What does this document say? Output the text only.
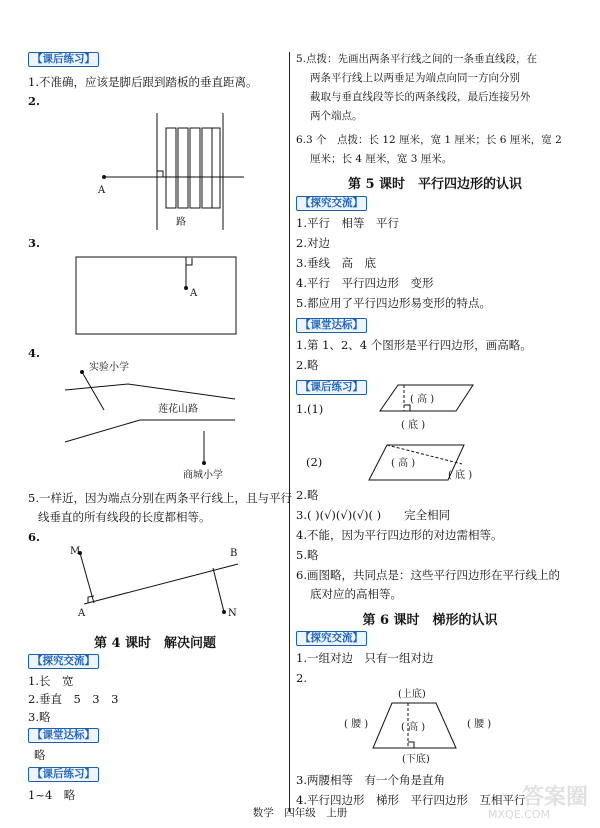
【课后练习】
1.不准确，应该是脚后跟到踏板的垂直距离。
2.
A
路
A
实验小学
莲花山路
商城小学
M	B
A	N
3.
4.
5.一样近，因为端点分别在两条平行线上，且与平行
线垂直的所有线段的长度都相等。
6.
第 4 课时　解决问题
【探究交流】
1.长　宽
2.垂直　5　3　3
3.略
【课堂达标】
略
【课后练习】
1~4　略
5.点拨：先画出两条平行线之间的一条垂直线段，在
两条平行线上以两垂足为端点向同一方向分别
截取与垂直线段等长的两条线段，最后连接另外
两个端点。
6.3 个　点拨：长 12 厘米，宽 1 厘米；长 6 厘米，宽 2
厘米；长 4 厘米，宽 3 厘米。
第 5 课时　平行四边形的认识
【探究交流】
1.平行　相等　平行
2.对边
3.垂线　高　底
4.平行　平行四边形　变形
5.都应用了平行四边形易变形的特点。
【课堂达标】
1.第 1、2、4 个图形是平行四边形，画高略。
2.略
【课后练习】
1.(1)
(2)
( 高 )
( 底 )
( 高 )
( 底 )
(上底)
( 腰 )	( 高 )	( 腰 )
(下底)
2.略
3.( )(√)(√)(√)( )　　完全相同
4.不能，因为平行四边形的对边需相等。
5.略
6.画图略，共同点是：这些平行四边形在平行线上的
底对应的高相等。
第 6 课时　梯形的认识
【探究交流】
1.一组对边　只有一组对边
2.
3.两腰相等　有一个角是直角
4.平行四边形　梯形　平行四边形　互相平行
数学　四年级　上册
答案圈
MXQE.COM
